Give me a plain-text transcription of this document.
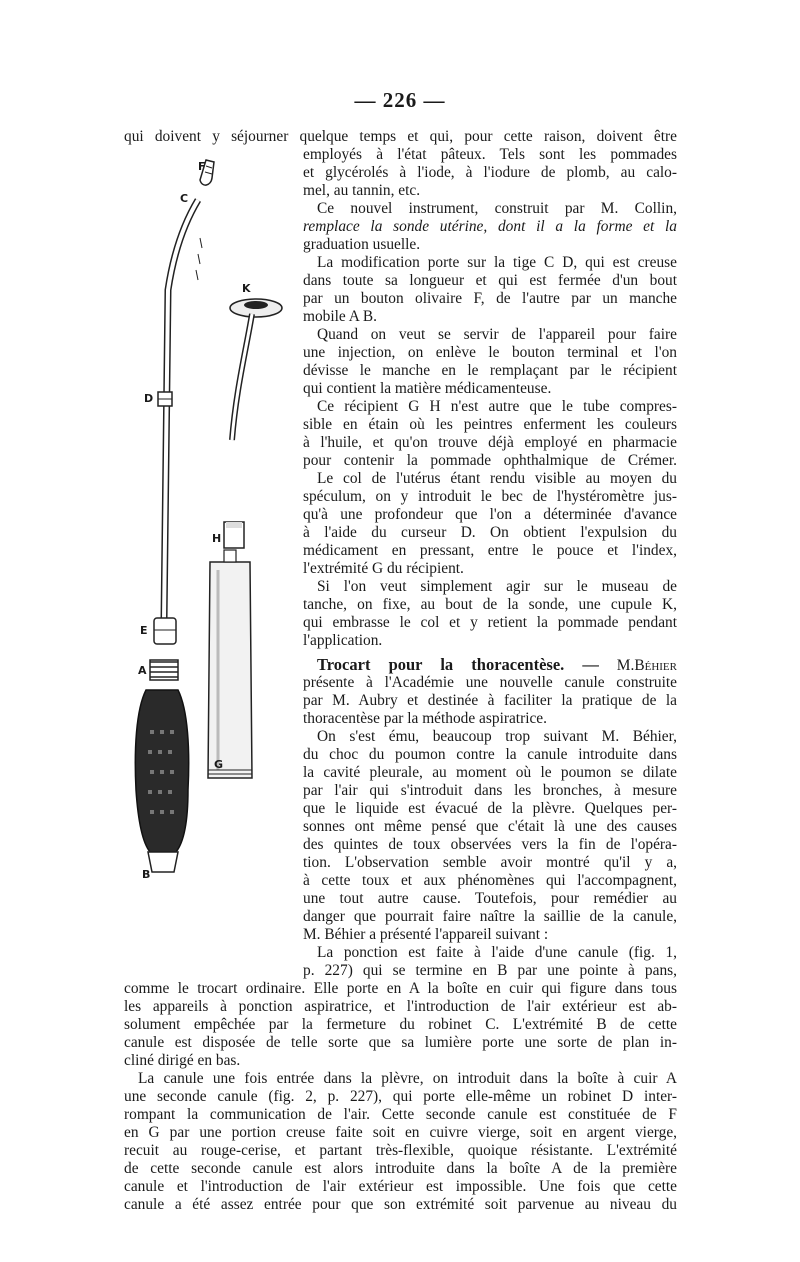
— 226 —
F
C
K
D
H
G
E
A
B
qui doivent y séjourner quelque temps et qui, pour cette raison, doivent être
employés à l'état pâteux. Tels sont les pommades
et glycérolés à l'iode, à l'iodure de plomb, au calo-
mel, au tannin, etc.
Ce nouvel instrument, construit par M. Collin,
remplace la sonde utérine, dont il a la forme et la
graduation usuelle.
La modification porte sur la tige C D, qui est creuse
dans toute sa longueur et qui est fermée d'un bout
par un bouton olivaire F, de l'autre par un manche
mobile A B.
Quand on veut se servir de l'appareil pour faire
une injection, on enlève le bouton terminal et l'on
dévisse le manche en le remplaçant par le récipient
qui contient la matière médicamenteuse.
Ce récipient G H n'est autre que le tube compres-
sible en étain où les peintres enferment les couleurs
à l'huile, et qu'on trouve déjà employé en pharmacie
pour contenir la pommade ophthalmique de Crémer.
Le col de l'utérus étant rendu visible au moyen du
spéculum, on y introduit le bec de l'hystéromètre jus-
qu'à une profondeur que l'on a déterminée d'avance
à l'aide du curseur D. On obtient l'expulsion du
médicament en pressant, entre le pouce et l'index,
l'extrémité G du récipient.
Si l'on veut simplement agir sur le museau de
tanche, on fixe, au bout de la sonde, une cupule K,
qui embrasse le col et y retient la pommade pendant
l'application.
Trocart pour la thoracentèse. — M.Béhier
présente à l'Académie une nouvelle canule construite
par M. Aubry et destinée à faciliter la pratique de la
thoracentèse par la méthode aspiratrice.
On s'est ému, beaucoup trop suivant M. Béhier,
du choc du poumon contre la canule introduite dans
la cavité pleurale, au moment où le poumon se dilate
par l'air qui s'introduit dans les bronches, à mesure
que le liquide est évacué de la plèvre. Quelques per-
sonnes ont même pensé que c'était là une des causes
des quintes de toux observées vers la fin de l'opéra-
tion. L'observation semble avoir montré qu'il y a,
à cette toux et aux phénomènes qui l'accompagnent,
une tout autre cause. Toutefois, pour remédier au
danger que pourrait faire naître la saillie de la canule,
M. Béhier a présenté l'appareil suivant :
La ponction est faite à l'aide d'une canule (fig. 1,
p. 227) qui se termine en B par une pointe à pans,
comme le trocart ordinaire. Elle porte en A la boîte en cuir qui figure dans tous
les appareils à ponction aspiratrice, et l'introduction de l'air extérieur est ab-
solument empêchée par la fermeture du robinet C. L'extrémité B de cette
canule est disposée de telle sorte que sa lumière porte une sorte de plan in-
cliné dirigé en bas.
La canule une fois entrée dans la plèvre, on introduit dans la boîte à cuir A
une seconde canule (fig. 2, p. 227), qui porte elle-même un robinet D inter-
rompant la communication de l'air. Cette seconde canule est constituée de F
en G par une portion creuse faite soit en cuivre vierge, soit en argent vierge,
recuit au rouge-cerise, et partant très-flexible, quoique résistante. L'extrémité
de cette seconde canule est alors introduite dans la boîte A de la première
canule et l'introduction de l'air extérieur est impossible. Une fois que cette
canule a été assez entrée pour que son extrémité soit parvenue au niveau du
